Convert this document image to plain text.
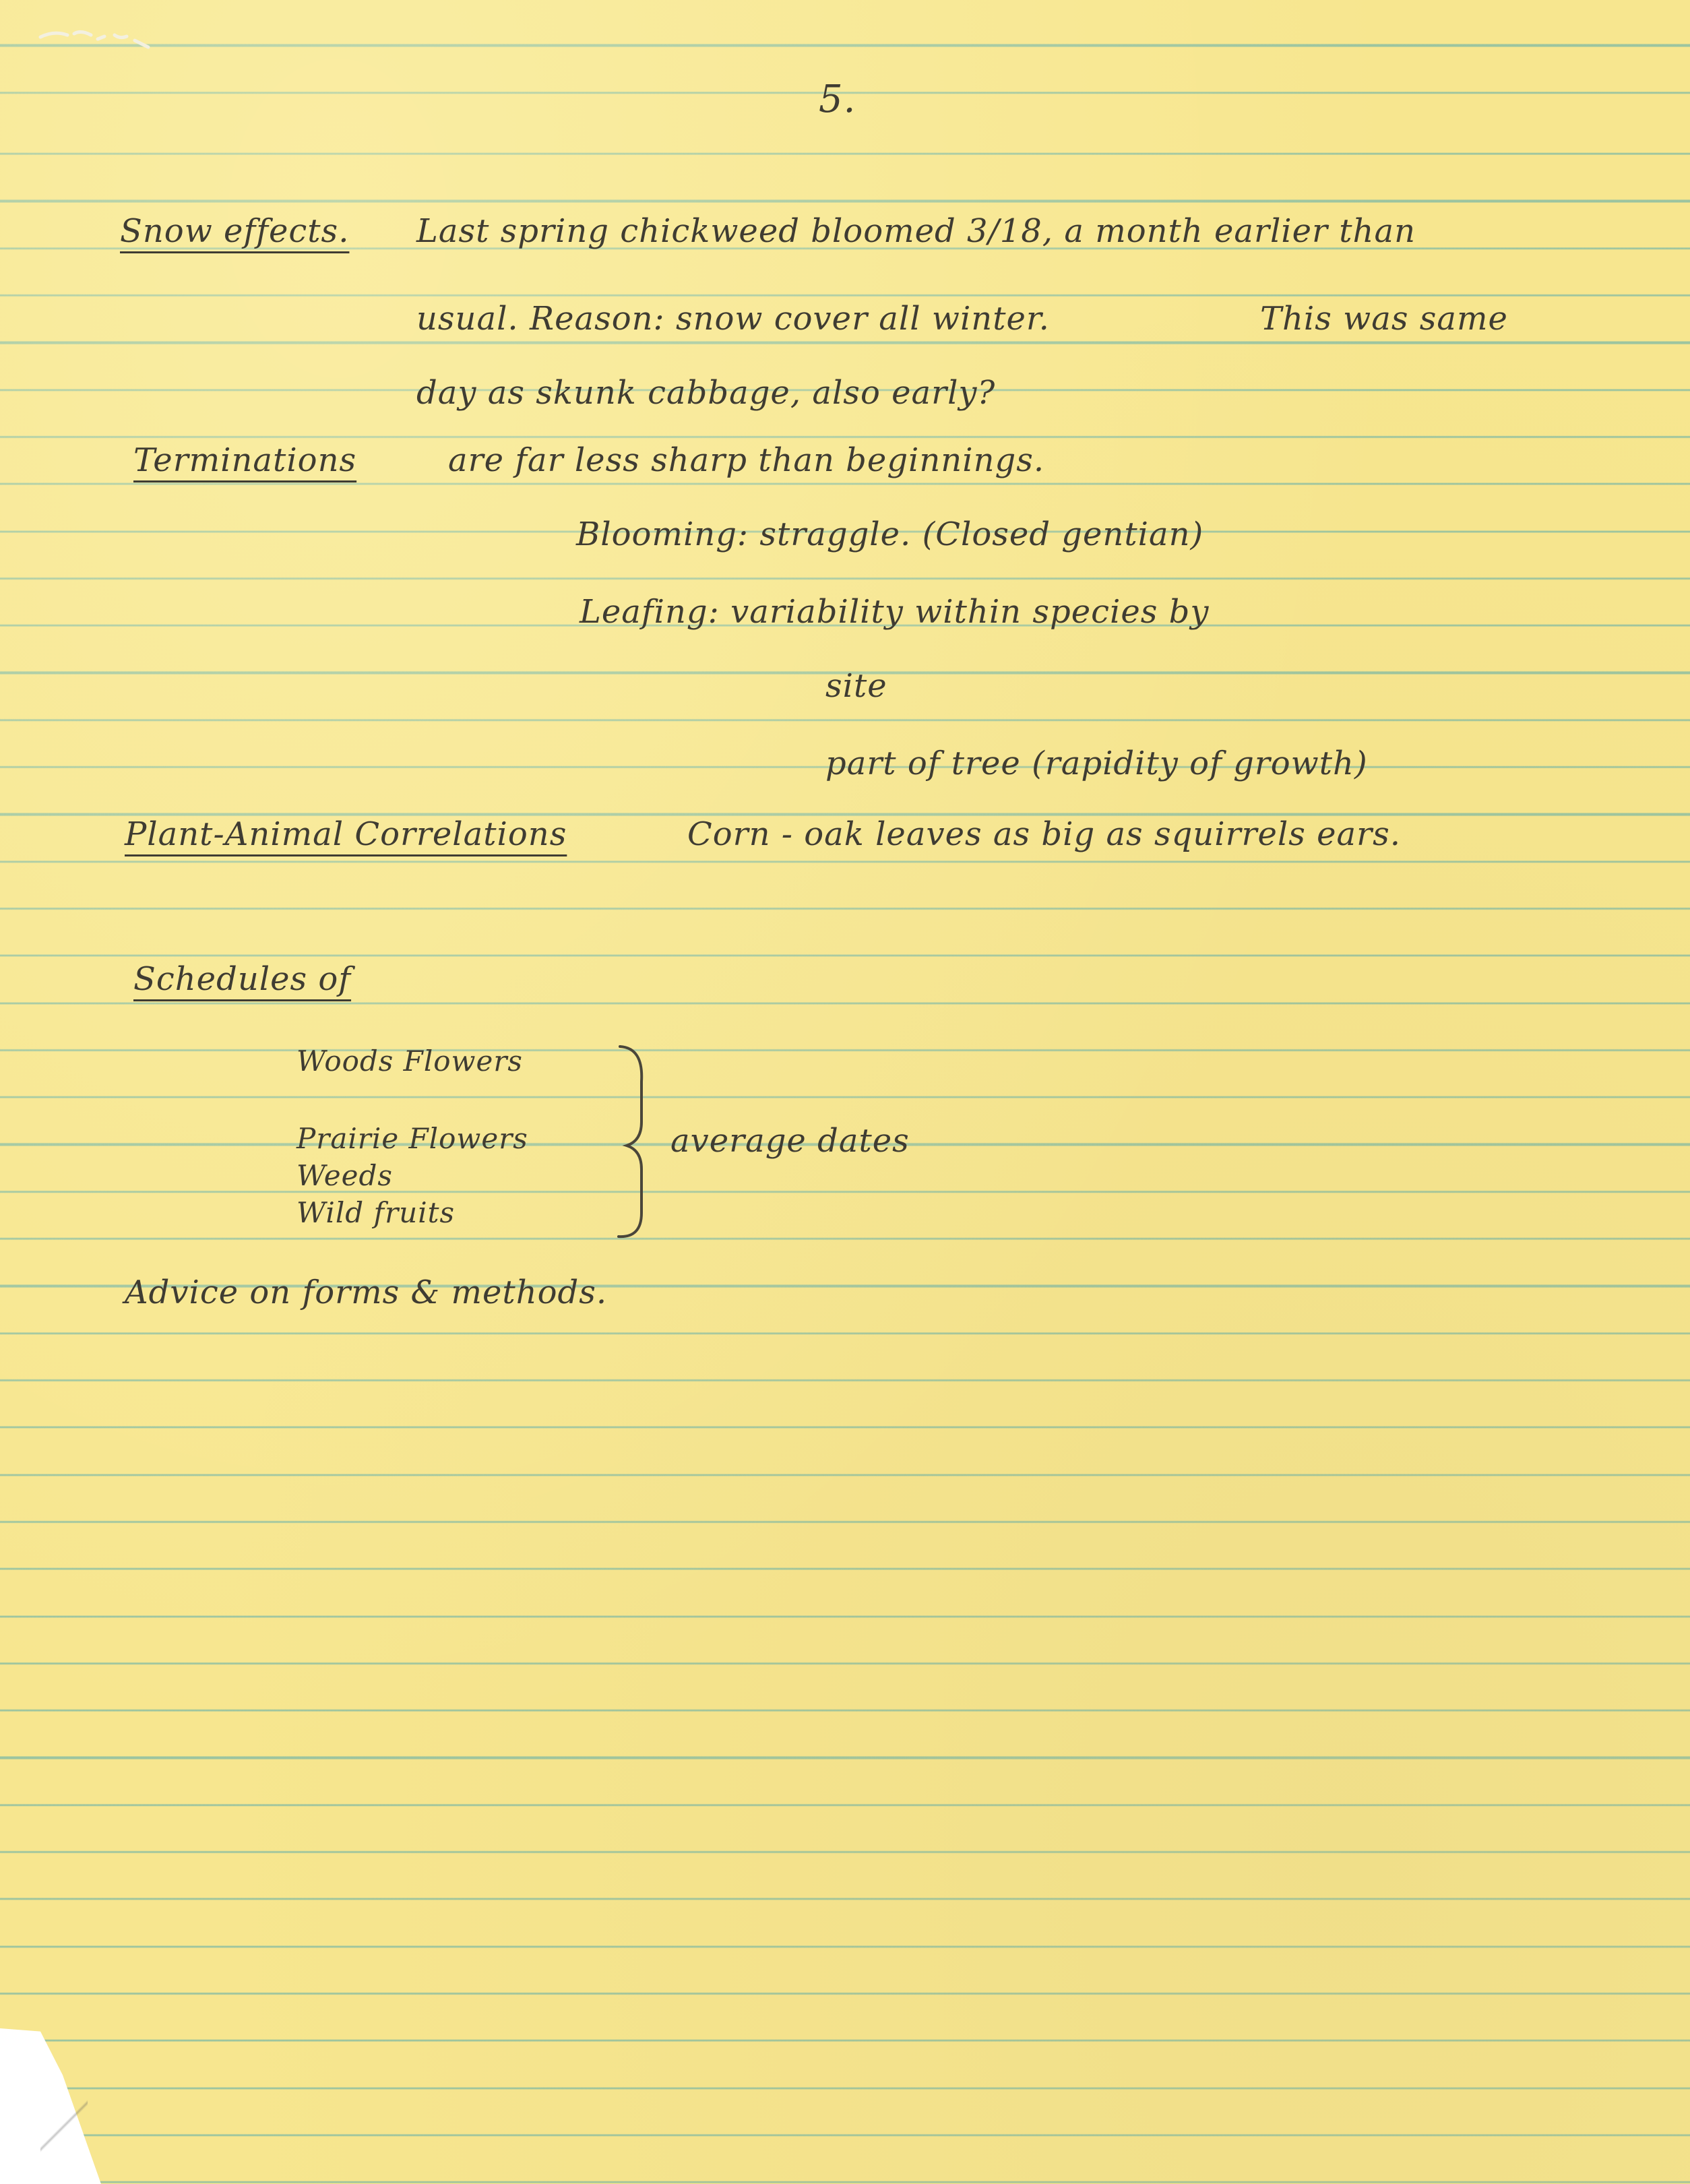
5.
Snow effects. Last spring chickweed bloomed 3/18, a month earlier than
usual. Reason: snow cover all winter.	This was same
day as skunk cabbage, also early?
Terminations	are far less sharp than beginnings.
Blooming: straggle. (Closed gentian)
Leafing: variability within species by
site
part of tree (rapidity of growth)
Plant-Animal Correlations	Corn - oak leaves as big as squirrels ears.
Schedules of
Woods Flowers
Prairie Flowers
Weeds
Wild fruits
average dates
Advice on forms & methods.
